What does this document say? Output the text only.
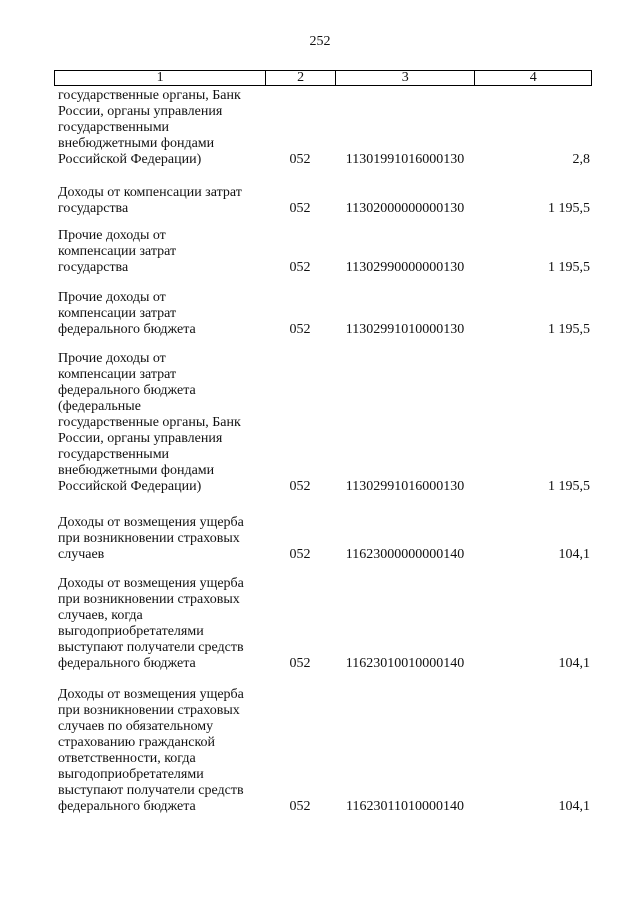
252
1	2	3	4
государственные органы, Банк
России, органы управления
государственными
внебюджетными фондами
Российской Федерации)	052	11301991016000130	2,8
Доходы от компенсации затрат
государства	052	11302000000000130	1 195,5
Прочие доходы от
компенсации затрат
государства	052	11302990000000130	1 195,5
Прочие доходы от
компенсации затрат
федерального бюджета	052	11302991010000130	1 195,5
Прочие доходы от
компенсации затрат
федерального бюджета
(федеральные
государственные органы, Банк
России, органы управления
государственными
внебюджетными фондами
Российской Федерации)	052	11302991016000130	1 195,5
Доходы от возмещения ущерба
при возникновении страховых
случаев	052	11623000000000140	104,1
Доходы от возмещения ущерба
при возникновении страховых
случаев, когда
выгодоприобретателями
выступают получатели средств
федерального бюджета	052	11623010010000140	104,1
Доходы от возмещения ущерба
при возникновении страховых
случаев по обязательному
страхованию гражданской
ответственности, когда
выгодоприобретателями
выступают получатели средств
федерального бюджета	052	11623011010000140	104,1
